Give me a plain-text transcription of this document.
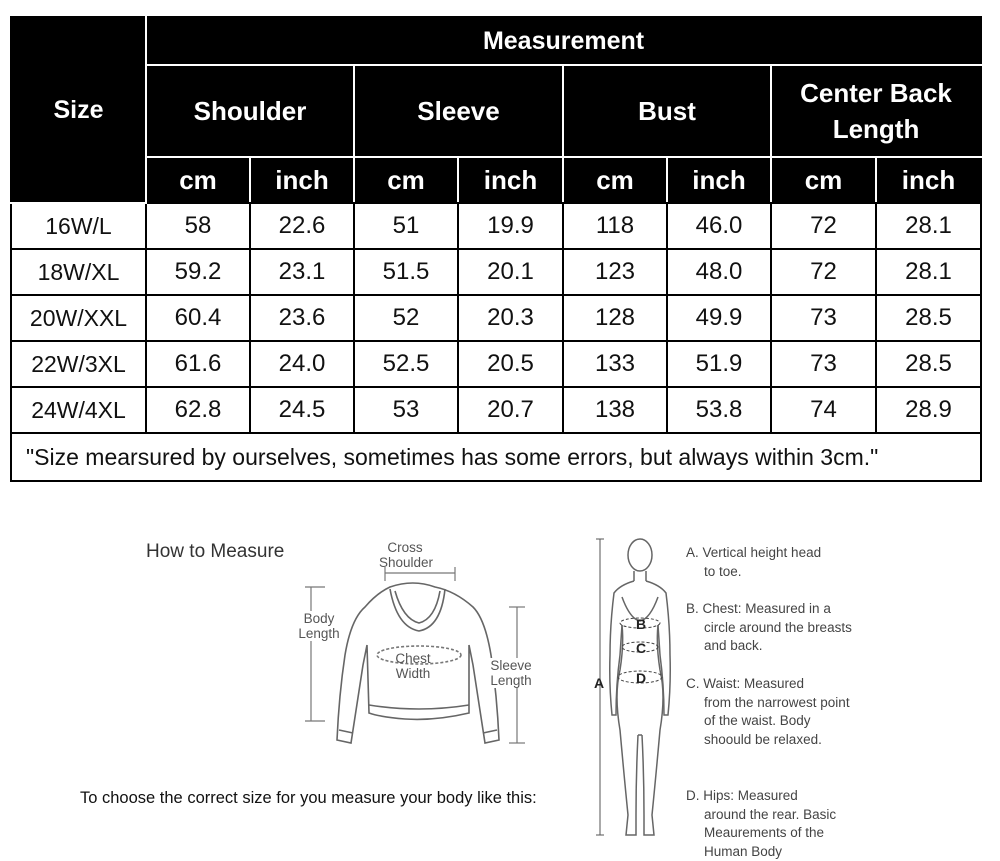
Size	Measurement							
	Shoulder		Sleeve		Bust		Center Back Length	
	cm	inch	cm	inch	cm	inch	cm	inch
16W/L	58	22.6	51	19.9	118	46.0	72	28.1
18W/XL	59.2	23.1	51.5	20.1	123	48.0	72	28.1
20W/XXL	60.4	23.6	52	20.3	128	49.9	73	28.5
22W/3XL	61.6	24.0	52.5	20.5	133	51.9	73	28.5
24W/4XL	62.8	24.5	53	20.7	138	53.8	74	28.9
"Size mearsured by ourselves, sometimes has some errors, but always within 3cm."								
How to Measure	Cross
Shoulder
Body
Length
Chest
Width
Sleeve
Length
To choose the correct size for you measure your body like this:
A
B
C
D
A. Vertical height head
to toe.
B. Chest: Measured in a
circle around the breasts and back.
C. Waist: Measured
from the narrowest point of the waist. Body shoould be relaxed.
D. Hips: Measured
around the rear. Basic Meaurements of the Human Body
